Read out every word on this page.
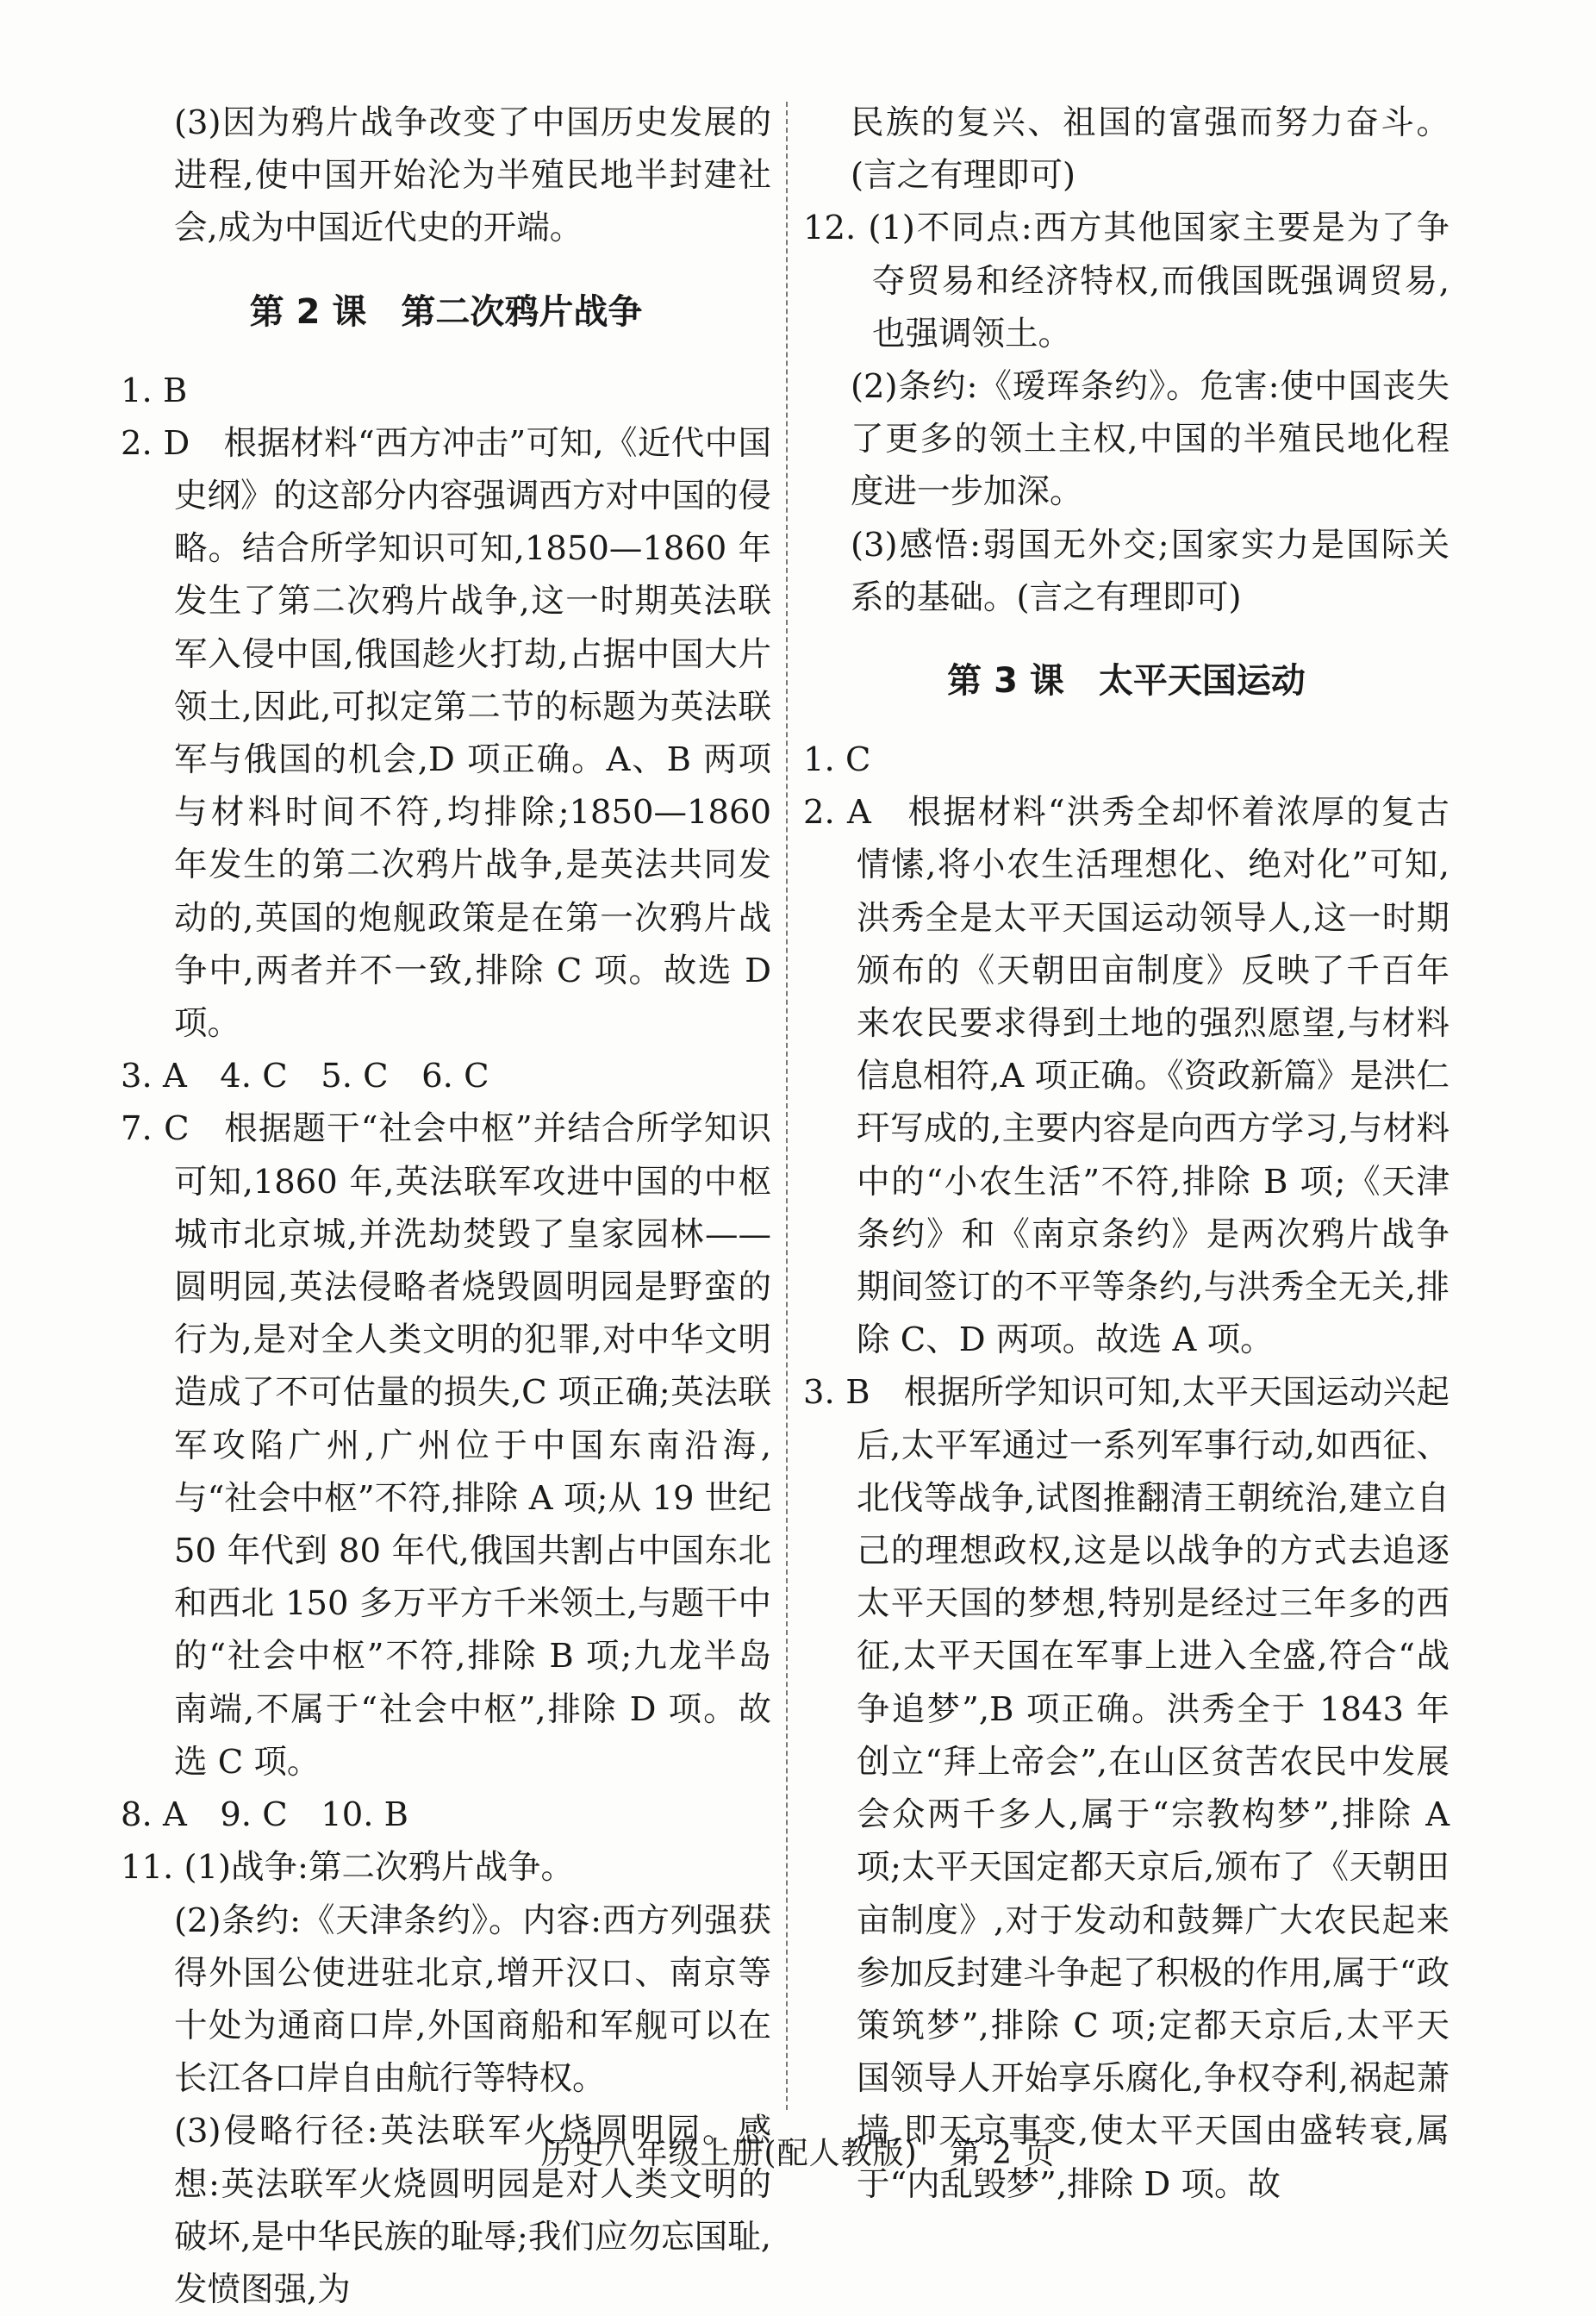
(3)因为鸦片战争改变了中国历史发展的进程,使中国开始沦为半殖民地半封建社会,成为中国近代史的开端。

第 2 课　第二次鸦片战争

1. B

2. D　根据材料“西方冲击”可知,《近代中国史纲》的这部分内容强调西方对中国的侵略。结合所学知识可知,1850—1860 年发生了第二次鸦片战争,这一时期英法联军入侵中国,俄国趁火打劫,占据中国大片领土,因此,可拟定第二节的标题为英法联军与俄国的机会,D 项正确。A、B 两项与材料时间不符,均排除;1850—1860 年发生的第二次鸦片战争,是英法共同发动的,英国的炮舰政策是在第一次鸦片战争中,两者并不一致,排除 C 项。故选 D 项。

3. A　4. C　5. C　6. C

7. C　根据题干“社会中枢”并结合所学知识可知,1860 年,英法联军攻进中国的中枢城市北京城,并洗劫焚毁了皇家园林——圆明园,英法侵略者烧毁圆明园是野蛮的行为,是对全人类文明的犯罪,对中华文明造成了不可估量的损失,C 项正确;英法联军攻陷广州,广州位于中国东南沿海,与“社会中枢”不符,排除 A 项;从 19 世纪 50 年代到 80 年代,俄国共割占中国东北和西北 150 多万平方千米领土,与题干中的“社会中枢”不符,排除 B 项;九龙半岛南端,不属于“社会中枢”,排除 D 项。故选 C 项。

8. A　9. C　10. B

11. (1)战争:第二次鸦片战争。

(2)条约:《天津条约》。内容:西方列强获得外国公使进驻北京,增开汉口、南京等十处为通商口岸,外国商船和军舰可以在长江各口岸自由航行等特权。

(3)侵略行径:英法联军火烧圆明园。感想:英法联军火烧圆明园是对人类文明的破坏,是中华民族的耻辱;我们应勿忘国耻,发愤图强,为

民族的复兴、祖国的富强而努力奋斗。(言之有理即可)

12. (1)不同点:西方其他国家主要是为了争夺贸易和经济特权,而俄国既强调贸易,也强调领土。

(2)条约:《瑷珲条约》。危害:使中国丧失了更多的领土主权,中国的半殖民地化程度进一步加深。

(3)感悟:弱国无外交;国家实力是国际关系的基础。(言之有理即可)

第 3 课　太平天国运动

1. C

2. A　根据材料“洪秀全却怀着浓厚的复古情愫,将小农生活理想化、绝对化”可知,洪秀全是太平天国运动领导人,这一时期颁布的《天朝田亩制度》反映了千百年来农民要求得到土地的强烈愿望,与材料信息相符,A 项正确。《资政新篇》是洪仁玕写成的,主要内容是向西方学习,与材料中的“小农生活”不符,排除 B 项;《天津条约》和《南京条约》是两次鸦片战争期间签订的不平等条约,与洪秀全无关,排除 C、D 两项。故选 A 项。

3. B　根据所学知识可知,太平天国运动兴起后,太平军通过一系列军事行动,如西征、北伐等战争,试图推翻清王朝统治,建立自己的理想政权,这是以战争的方式去追逐太平天国的梦想,特别是经过三年多的西征,太平天国在军事上进入全盛,符合“战争追梦”,B 项正确。洪秀全于 1843 年创立“拜上帝会”,在山区贫苦农民中发展会众两千多人,属于“宗教构梦”,排除 A 项;太平天国定都天京后,颁布了《天朝田亩制度》,对于发动和鼓舞广大农民起来参加反封建斗争起了积极的作用,属于“政策筑梦”,排除 C 项;定都天京后,太平天国领导人开始享乐腐化,争权夺利,祸起萧墙,即天京事变,使太平天国由盛转衰,属于“内乱毁梦”,排除 D 项。故

历史八年级上册(配人教版)　第 2 页
